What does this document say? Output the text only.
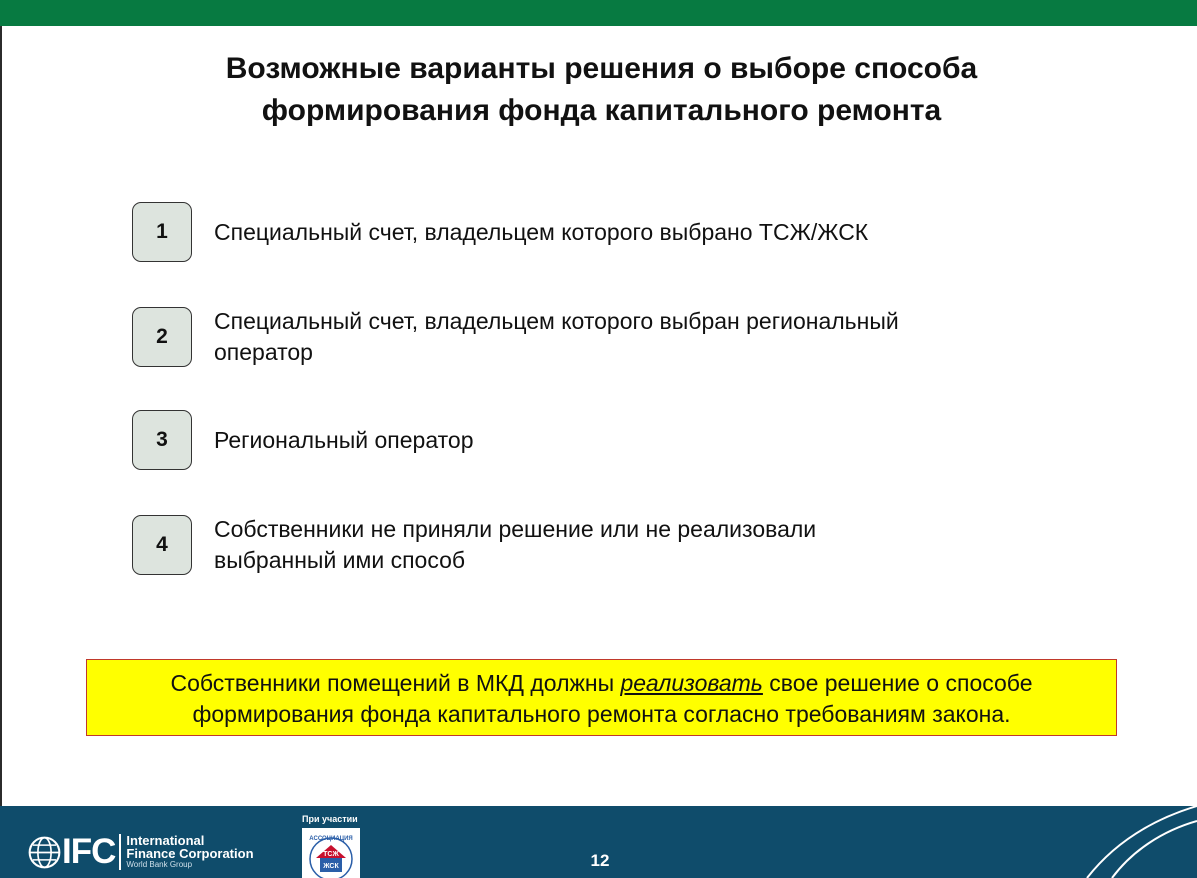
Возможные варианты решения о выборе способа
формирования фонда капитального ремонта
1	Специальный счет, владельцем которого выбрано ТСЖ/ЖСК
2
Специальный счет, владельцем которого выбран региональный
оператор
3	Региональный оператор
4
Собственники не приняли решение или не реализовали
выбранный ими способ
Собственники помещений в МКД должны реализовать свое решение о способе формирования фонда капитального ремонта согласно требованиям закона.
IFC International
Finance Corporation
World Bank Group
При участии
АССОЦИАЦИЯ
ТСЖ
ЖСК	12
